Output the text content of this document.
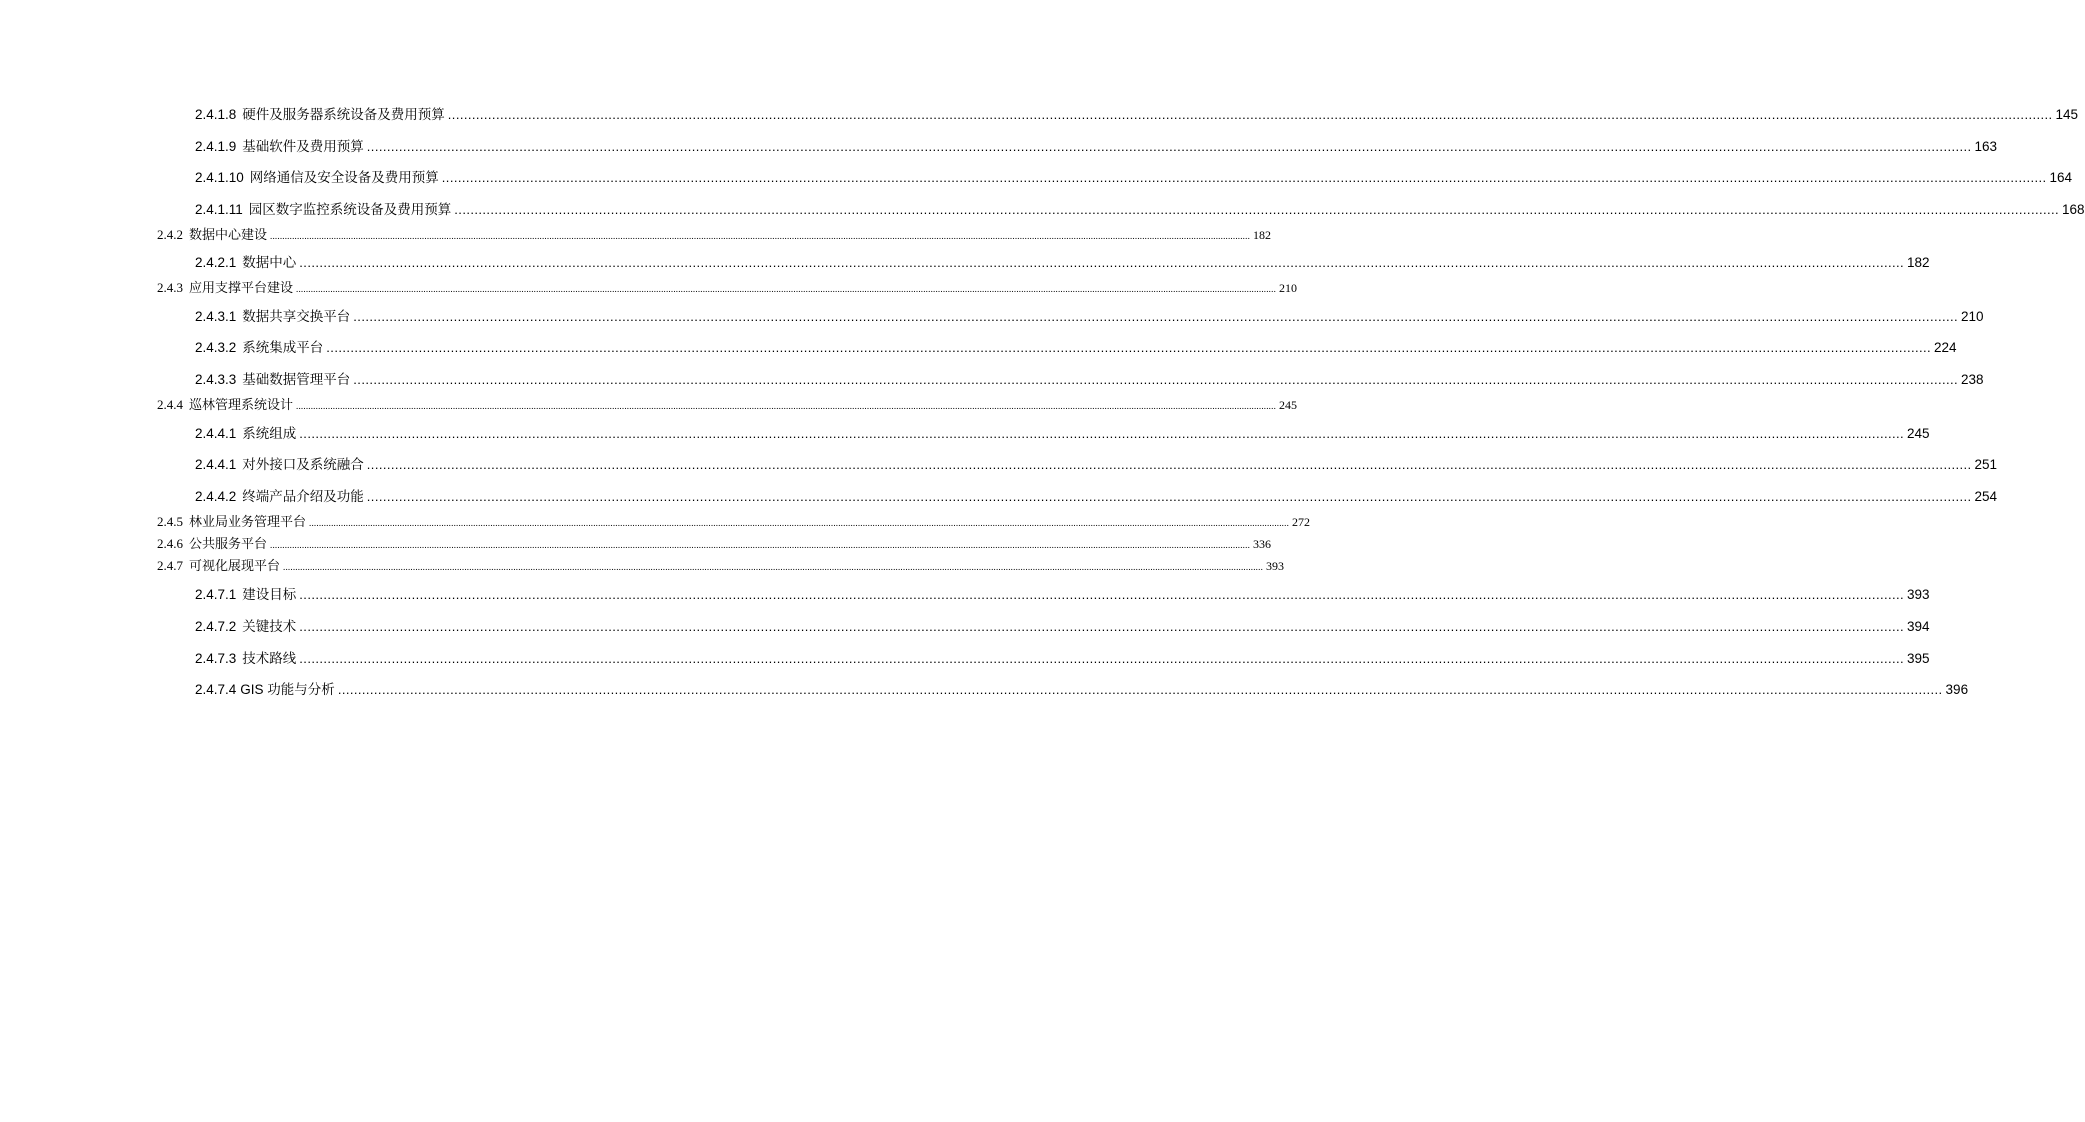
2.4.1.8 硬件及服务器系统设备及费用预算 ................................................................................................................................................................................................................................................................................................................................................................................................................ 145
2.4.1.9 基础软件及费用预算 ................................................................................................................................................................................................................................................................................................................................................................................................................ 163
2.4.1.10 网络通信及安全设备及费用预算 ................................................................................................................................................................................................................................................................................................................................................................................................................ 164
2.4.1.11 园区数字监控系统设备及费用预算 ................................................................................................................................................................................................................................................................................................................................................................................................................ 168
2.4.2 数据中心建设 ................................................................................................................................................................................................................................................................................................................................................................................................................ 182
2.4.2.1 数据中心 ................................................................................................................................................................................................................................................................................................................................................................................................................ 182
2.4.3 应用支撑平台建设 ................................................................................................................................................................................................................................................................................................................................................................................................................ 210
2.4.3.1 数据共享交换平台 ................................................................................................................................................................................................................................................................................................................................................................................................................ 210
2.4.3.2 系统集成平台 ................................................................................................................................................................................................................................................................................................................................................................................................................ 224
2.4.3.3 基础数据管理平台 ................................................................................................................................................................................................................................................................................................................................................................................................................ 238
2.4.4 巡林管理系统设计 ................................................................................................................................................................................................................................................................................................................................................................................................................ 245
2.4.4.1 系统组成 ................................................................................................................................................................................................................................................................................................................................................................................................................ 245
2.4.4.1 对外接口及系统融合 ................................................................................................................................................................................................................................................................................................................................................................................................................ 251
2.4.4.2 终端产品介绍及功能 ................................................................................................................................................................................................................................................................................................................................................................................................................ 254
2.4.5 林业局业务管理平台 ................................................................................................................................................................................................................................................................................................................................................................................................................ 272
2.4.6 公共服务平台 ................................................................................................................................................................................................................................................................................................................................................................................................................ 336
2.4.7 可视化展现平台 ................................................................................................................................................................................................................................................................................................................................................................................................................ 393
2.4.7.1 建设目标 ................................................................................................................................................................................................................................................................................................................................................................................................................ 393
2.4.7.2 关键技术 ................................................................................................................................................................................................................................................................................................................................................................................................................ 394
2.4.7.3 技术路线 ................................................................................................................................................................................................................................................................................................................................................................................................................ 395
2.4.7.4 GIS 功能与分析 ................................................................................................................................................................................................................................................................................................................................................................................................................ 396
